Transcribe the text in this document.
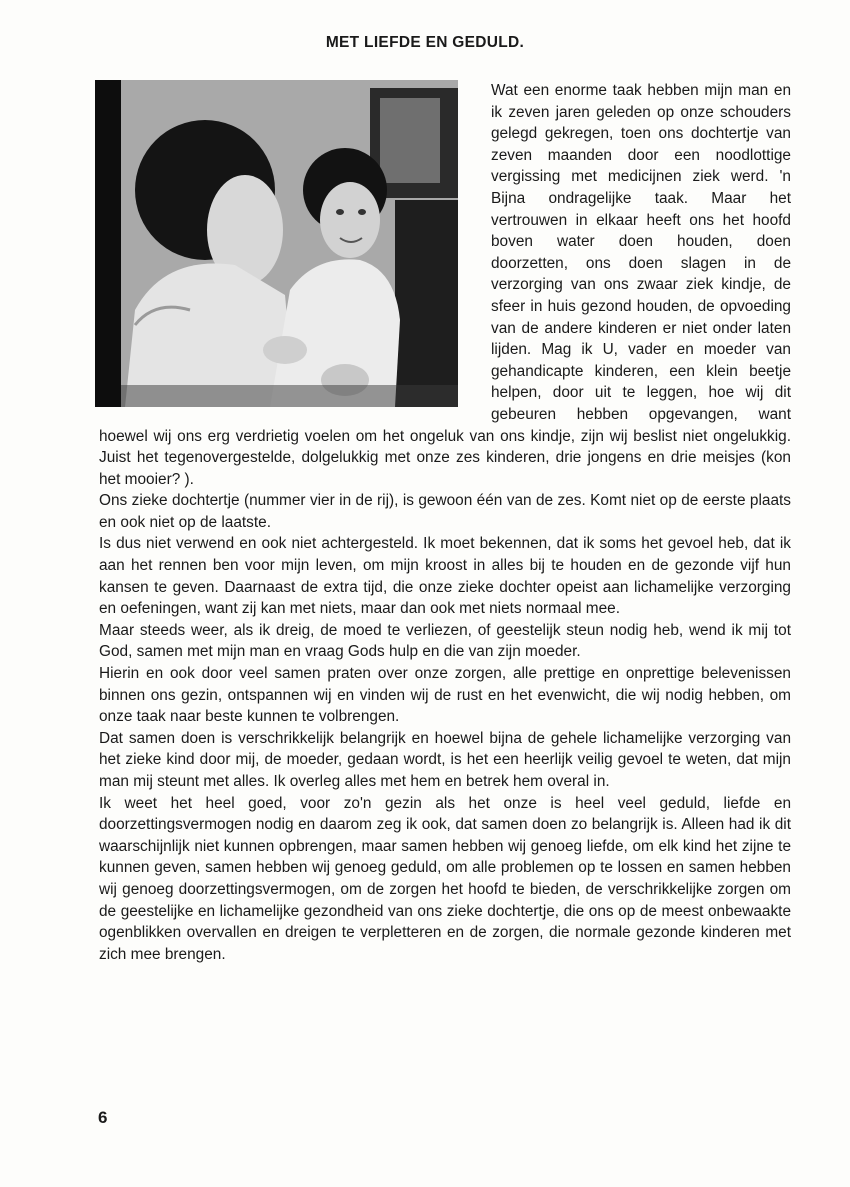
MET LIEFDE EN GEDULD.

Wat een enorme taak hebben mijn man en ik zeven jaren geleden op onze schouders gelegd gekregen, toen ons dochtertje van zeven maanden door een noodlottige vergissing met medicijnen ziek werd. 'n Bijna ondragelijke taak. Maar het vertrouwen in elkaar heeft ons het hoofd boven water doen houden, doen doorzetten, ons doen slagen in de verzorging van ons zwaar ziek kindje, de sfeer in huis gezond houden, de opvoeding van de andere kinderen er niet onder laten lijden. Mag ik U, vader en moeder van gehandicapte kinderen, een klein beetje helpen, door uit te leggen, hoe wij dit gebeuren hebben opgevangen, want hoewel wij ons erg verdrietig voelen om het ongeluk van ons kindje, zijn wij beslist niet ongelukkig. Juist het tegenovergestelde, dolgelukkig met onze zes kinderen, drie jongens en drie meisjes (kon het mooier? ).

Ons zieke dochtertje (nummer vier in de rij), is gewoon één van de zes. Komt niet op de eerste plaats en ook niet op de laatste.

Is dus niet verwend en ook niet achtergesteld. Ik moet bekennen, dat ik soms het gevoel heb, dat ik aan het rennen ben voor mijn leven, om mijn kroost in alles bij te houden en de gezonde vijf hun kansen te geven. Daarnaast de extra tijd, die onze zieke dochter opeist aan lichamelijke verzorging en oefeningen, want zij kan met niets, maar dan ook met niets normaal mee.

Maar steeds weer, als ik dreig, de moed te verliezen, of geestelijk steun nodig heb, wend ik mij tot God, samen met mijn man en vraag Gods hulp en die van zijn moeder.

Hierin en ook door veel samen praten over onze zorgen, alle prettige en onprettige belevenissen binnen ons gezin, ontspannen wij en vinden wij de rust en het evenwicht, die wij nodig hebben, om onze taak naar beste kunnen te volbrengen.

Dat samen doen is verschrikkelijk belangrijk en hoewel bijna de gehele lichamelijke verzorging van het zieke kind door mij, de moeder, gedaan wordt, is het een heerlijk veilig gevoel te weten, dat mijn man mij steunt met alles. Ik overleg alles met hem en betrek hem overal in.

Ik weet het heel goed, voor zo'n gezin als het onze is heel veel geduld, liefde en doorzettingsvermogen nodig en daarom zeg ik ook, dat samen doen zo belangrijk is. Alleen had ik dit waarschijnlijk niet kunnen opbrengen, maar samen hebben wij genoeg liefde, om elk kind het zijne te kunnen geven, samen hebben wij genoeg geduld, om alle problemen op te lossen en samen hebben wij genoeg doorzettingsvermogen, om de zorgen het hoofd te bieden, de verschrikkelijke zorgen om de geestelijke en lichamelijke gezondheid van ons zieke dochtertje, die ons op de meest onbewaakte ogenblikken overvallen en dreigen te verpletteren en de zorgen, die normale gezonde kinderen met zich mee brengen.

6
